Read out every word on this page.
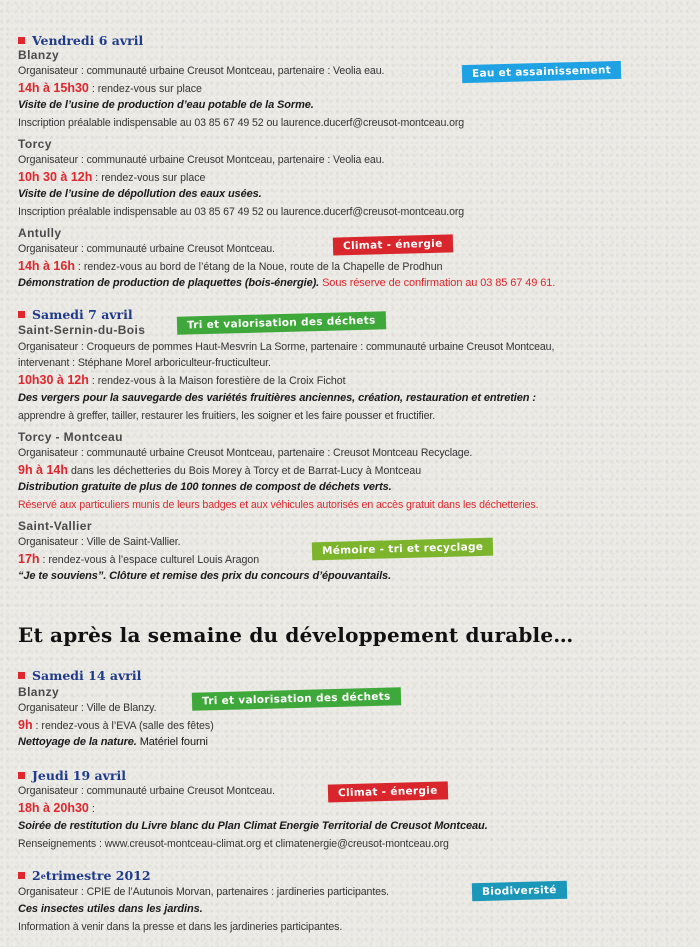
Vendredi 6 avril
Blanzy
Organisateur : communauté urbaine Creusot Montceau, partenaire : Veolia eau.	Eau et assainissement
14h à 15h30 : rendez-vous sur place
Visite de l’usine de production d’eau potable de la Sorme.
Inscription préalable indispensable au 03 85 67 49 52 ou laurence.ducerf@creusot-montceau.org
Torcy
Organisateur : communauté urbaine Creusot Montceau, partenaire : Veolia eau.
10h 30 à 12h : rendez-vous sur place
Visite de l’usine de dépollution des eaux usées.
Inscription préalable indispensable au 03 85 67 49 52 ou laurence.ducerf@creusot-montceau.org
Antully
Organisateur : communauté urbaine Creusot Montceau.	Climat - énergie
14h à 16h : rendez-vous au bord de l’étang de la Noue, route de la Chapelle de Prodhun
Démonstration de production de plaquettes (bois-énergie). Sous réserve de confirmation au 03 85 67 49 61.
Samedi 7 avril
Saint-Sernin-du-Bois	Tri et valorisation des déchets
Organisateur : Croqueurs de pommes Haut-Mesvrin La Sorme, partenaire : communauté urbaine Creusot Montceau,
intervenant : Stéphane Morel arboriculteur-fructiculteur.
10h30 à 12h : rendez-vous à la Maison forestière de la Croix Fichot
Des vergers pour la sauvegarde des variétés fruitières anciennes, création, restauration et entretien :
apprendre à greffer, tailler, restaurer les fruitiers, les soigner et les faire pousser et fructifier.
Torcy - Montceau
Organisateur : communauté urbaine Creusot Montceau, partenaire : Creusot Montceau Recyclage.
9h à 14h dans les déchetteries du Bois Morey à Torcy et de Barrat-Lucy à Montceau
Distribution gratuite de plus de 100 tonnes de compost de déchets verts.
Réservé aux particuliers munis de leurs badges et aux véhicules autorisés en accès gratuit dans les déchetteries.
Saint-Vallier
Organisateur : Ville de Saint-Vallier.	Mémoire - tri et recyclage
17h : rendez-vous à l’espace culturel Louis Aragon
“Je te souviens”. Clôture et remise des prix du concours d’épouvantails.
Et après la semaine du développement durable…
Samedi 14 avril
Blanzy
Organisateur : Ville de Blanzy.
Tri et valorisation des déchets
9h : rendez-vous à l’EVA (salle des fêtes)
Nettoyage de la nature. Matériel fourni
Jeudi 19 avril
Organisateur : communauté urbaine Creusot Montceau.	Climat - énergie
18h à 20h30 :
Soirée de restitution du Livre blanc du Plan Climat Energie Territorial de Creusot Montceau.
Renseignements : www.creusot-montceau-climat.org et climatenergie@creusot-montceau.org
2 e trimestre 2012
Organisateur : CPIE de l’Autunois Morvan, partenaires : jardineries participantes.	Biodiversité
Ces insectes utiles dans les jardins.
Information à venir dans la presse et dans les jardineries participantes.
